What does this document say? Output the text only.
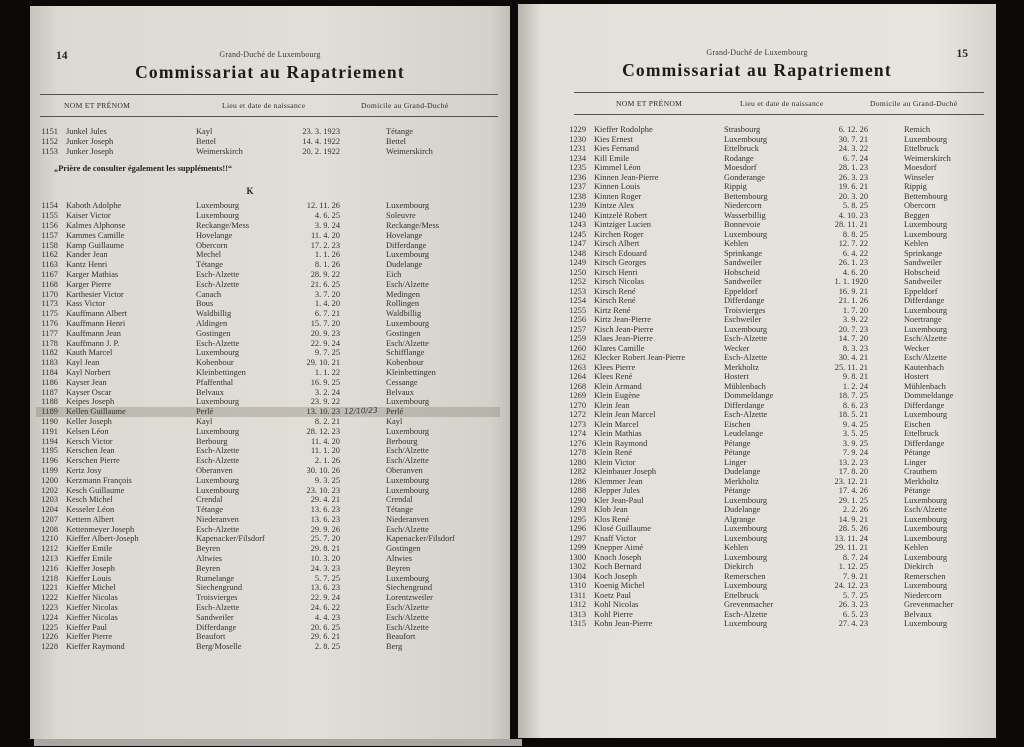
14	Grand-Duché de Luxembourg
Commissariat au Rapatriement
NOM ET PRÉNOM	Lieu et date de naissance	Domicile au Grand-Duché
1151 Junkel Jules	Kayl	23. 3. 1923	Tétange
1152 Junker Joseph	Bettel	14. 4. 1922	Bettel
1153 Junker Joseph	Weimerskirch	20. 2. 1922	Weimerskirch
„Prière de consulter également les suppléments!!“
K
1154 Kaboth Adolphe	Luxembourg	12. 11. 26	Luxembourg
1155 Kaiser Victor	Luxembourg	4. 6. 25	Soleuvre
1156 Kalmes Alphonse	Reckange/Mess	3. 9. 24	Reckange/Mess
1157 Kammes Camille	Hovelange	11. 4. 20	Hovelange
1158 Kamp Guillaume	Obercorn	17. 2. 23	Differdange
1162 Kander Jean	Mechel	1. 1. 26	Luxembourg
1163 Kantz Henri	Tétange	8. 1. 26	Dudelange
1167 Karger Mathias	Esch-Alzette	28. 9. 22	Eich
1168 Karger Pierre	Esch-Alzette	21. 6. 25	Esch/Alzette
1170 Karthesier Victor	Canach	3. 7. 20	Medingen
1173 Kass Victor	Bous	1. 4. 20	Rollingen
1175 Kauffmann Albert	Waldbillig	6. 7. 21	Waldbillig
1176 Kauffmann Henri	Aldingen	15. 7. 20	Luxembourg
1177 Kauffmann Jean	Gostingen	20. 9. 23	Gostingen
1178 Kauffmann J. P.	Esch-Alzette	22. 9. 24	Esch/Alzette
1182 Kauth Marcel	Luxembourg	9. 7. 25	Schifflange
1183 Kayl Jean	Kobenbour	29. 10. 21	Kobenbour
1184 Kayl Norbert	Kleinbettingen	1. 1. 22	Kleinbettingen
1186 Kayser Jean	Pfaffenthal	16. 9. 25	Cessange
1187 Kayser Oscar	Belvaux	3. 2. 24	Belvaux
1188 Keipes Joseph	Luxembourg	23. 9. 22	Luxembourg
1189 Kellen Guillaume	Perlé	13. 10. 23 12/10/23 Perlé
1190 Keller Joseph	Kayl	8. 2. 21	Kayl
1191 Kelsen Léon	Luxembourg	28. 12. 23	Luxembourg
1194 Kersch Victor	Berbourg	11. 4. 20	Berbourg
1195 Kerschen Jean	Esch-Alzette	11. 1. 20	Esch/Alzette
1196 Kerschen Pierre	Esch-Alzette	2. 1. 26	Esch/Alzette
1199 Kertz Josy	Oberanven	30. 10. 26	Oberanven
1200 Kerzmann François	Luxembourg	9. 3. 25	Luxembourg
1202 Kesch Guillaume	Luxembourg	23. 10. 23	Luxembourg
1203 Kesch Michel	Crendal	29. 4. 21	Crendal
1204 Kesseler Léon	Tétange	13. 6. 23	Tétange
1207 Kettern Albert	Niederanven	13. 6. 23	Niederanven
1208 Kettenmeyer Joseph	Esch-Alzette	29. 9. 26	Esch/Alzette
1210 Kieffer Albert-Joseph	Kapenacker/Filsdorf	25. 7. 20	Kapenacker/Filsdorf
1212 Kieffer Emile	Beyren	29. 8. 21	Gostingen
1213 Kieffer Emile	Altwies	10. 3. 20	Altwies
1216 Kieffer Joseph	Beyren	24. 3. 23	Beyren
1218 Kieffer Louis	Rumelange	5. 7. 25	Luxembourg
1221 Kieffer Michel	Siechengrund	13. 6. 23	Siechengrund
1222 Kieffer Nicolas	Troisvierges	22. 9. 24	Lorentzweiler
1223 Kieffer Nicolas	Esch-Alzette	24. 6. 22	Esch/Alzette
1224 Kieffer Nicolas	Sandweiler	4. 4. 23	Esch/Alzette
1225 Kieffer Paul	Differdange	20. 6. 25	Esch/Alzette
1226 Kieffer Pierre	Beaufort	29. 6. 21	Beaufort
1228 Kieffer Raymond	Berg/Moselle	2. 8. 25	Berg
15
Grand-Duché de Luxembourg
Commissariat au Rapatriement
NOM ET PRÉNOM	Lieu et date de naissance	Domicile au Grand-Duché
1229 Kieffer Rodolphe	Strasbourg	6. 12. 26	Remich
1230 Kies Ernest	Luxembourg	30. 7. 21	Luxembourg
1231 Kies Fernand	Ettelbruck	24. 3. 22	Ettelbruck
1234 Kill Emile	Rodange	6. 7. 24	Weimerskirch
1235 Kimmel Léon	Moesdorf	28. 1. 23	Moesdorf
1236 Kinnen Jean-Pierre	Gonderange	26. 3. 23	Winseler
1237 Kinnen Louis	Rippig	19. 6. 21	Rippig
1238 Kinnen Roger	Bettembourg	20. 3. 20	Bettembourg
1239 Kintze Alex	Niedercorn	5. 8. 25	Obercorn
1240 Kintzelé Robert	Wasserbillig	4. 10. 23	Beggen
1243 Kintziger Lucien	Bonnevoie	28. 11. 21	Luxembourg
1245 Kirchen Roger	Luxembourg	8. 8. 25	Luxembourg
1247 Kirsch Albert	Kehlen	12. 7. 22	Kehlen
1248 Kirsch Edouard	Sprinkange	6. 4. 22	Sprinkange
1249 Kirsch Georges	Sandweiler	26. 1. 23	Sandweiler
1250 Kirsch Henri	Hobscheid	4. 6. 20	Hobscheid
1252 Kirsch Nicolas	Sandweiler	1. 1. 1920	Sandweiler
1253 Kirsch René	Eppeldorf	16. 9. 21	Eppeldorf
1254 Kirsch René	Differdange	21. 1. 26	Differdange
1255 Kirtz René	Troisvierges	1. 7. 20	Luxembourg
1256 Kirtz Jean-Pierre	Eschweiler	3. 9. 22	Noertrange
1257 Kisch Jean-Pierre	Luxembourg	20. 7. 23	Luxembourg
1259 Klaes Jean-Pierre	Esch-Alzette	14. 7. 20	Esch/Alzette
1260 Klares Camille	Wecker	8. 3. 23	Wecker
1262 Klecker Robert Jean-Pierre	Esch-Alzette	30. 4. 21	Esch/Alzette
1263 Klees Pierre	Merkholtz	25. 11. 21	Kautenbach
1264 Klees René	Hostert	9. 8. 21	Hostert
1268 Klein Armand	Mühlenbach	1. 2. 24	Mühlenbach
1269 Klein Eugène	Dommeldange	18. 7. 25	Dommeldange
1270 Klein Jean	Differdange	8. 6. 23	Differdange
1272 Klein Jean Marcel	Esch-Alzette	18. 5. 21	Luxembourg
1273 Klein Marcel	Eischen	9. 4. 25	Eischen
1274 Klein Mathias	Leudelange	3. 5. 25	Ettelbruck
1276 Klein Raymond	Pétange	3. 9. 25	Differdange
1278 Klein René	Pétange	7. 9. 24	Pétange
1280 Klein Victor	Linger	13. 2. 23	Linger
1282 Kleinbauer Joseph	Dudelange	17. 8. 20	Crauthem
1286 Klemmer Jean	Merkholtz	23. 12. 21	Merkholtz
1288 Klepper Jules	Pétange	17. 4. 26	Pétange
1290 Kler Jean-Paul	Luxembourg	29. 1. 25	Luxembourg
1293 Klob Jean	Dudelange	2. 2. 26	Esch/Alzette
1295 Klos René	Algrange	14. 9. 21	Luxembourg
1296 Klosé Guillaume	Luxembourg	28. 5. 26	Luxembourg
1297 Knaff Victor	Luxembourg	13. 11. 24	Luxembourg
1299 Knepper Aimé	Kehlen	29. 11. 21	Kehlen
1300 Knoch Joseph	Luxembourg	8. 7. 24	Luxembourg
1302 Koch Bernard	Diekirch	1. 12. 25	Diekirch
1304 Koch Joseph	Remerschen	7. 9. 21	Remerschen
1310 Koenig Michel	Luxembourg	24. 12. 23	Luxembourg
1311 Koetz Paul	Ettelbruck	5. 7. 25	Niedercorn
1312 Kohl Nicolas	Grevenmacher	26. 3. 23	Grevenmacher
1313 Kohl Pierre	Esch-Alzette	6. 5. 23	Belvaux
1315 Kohn Jean-Pierre	Luxembourg	27. 4. 23	Luxembourg
